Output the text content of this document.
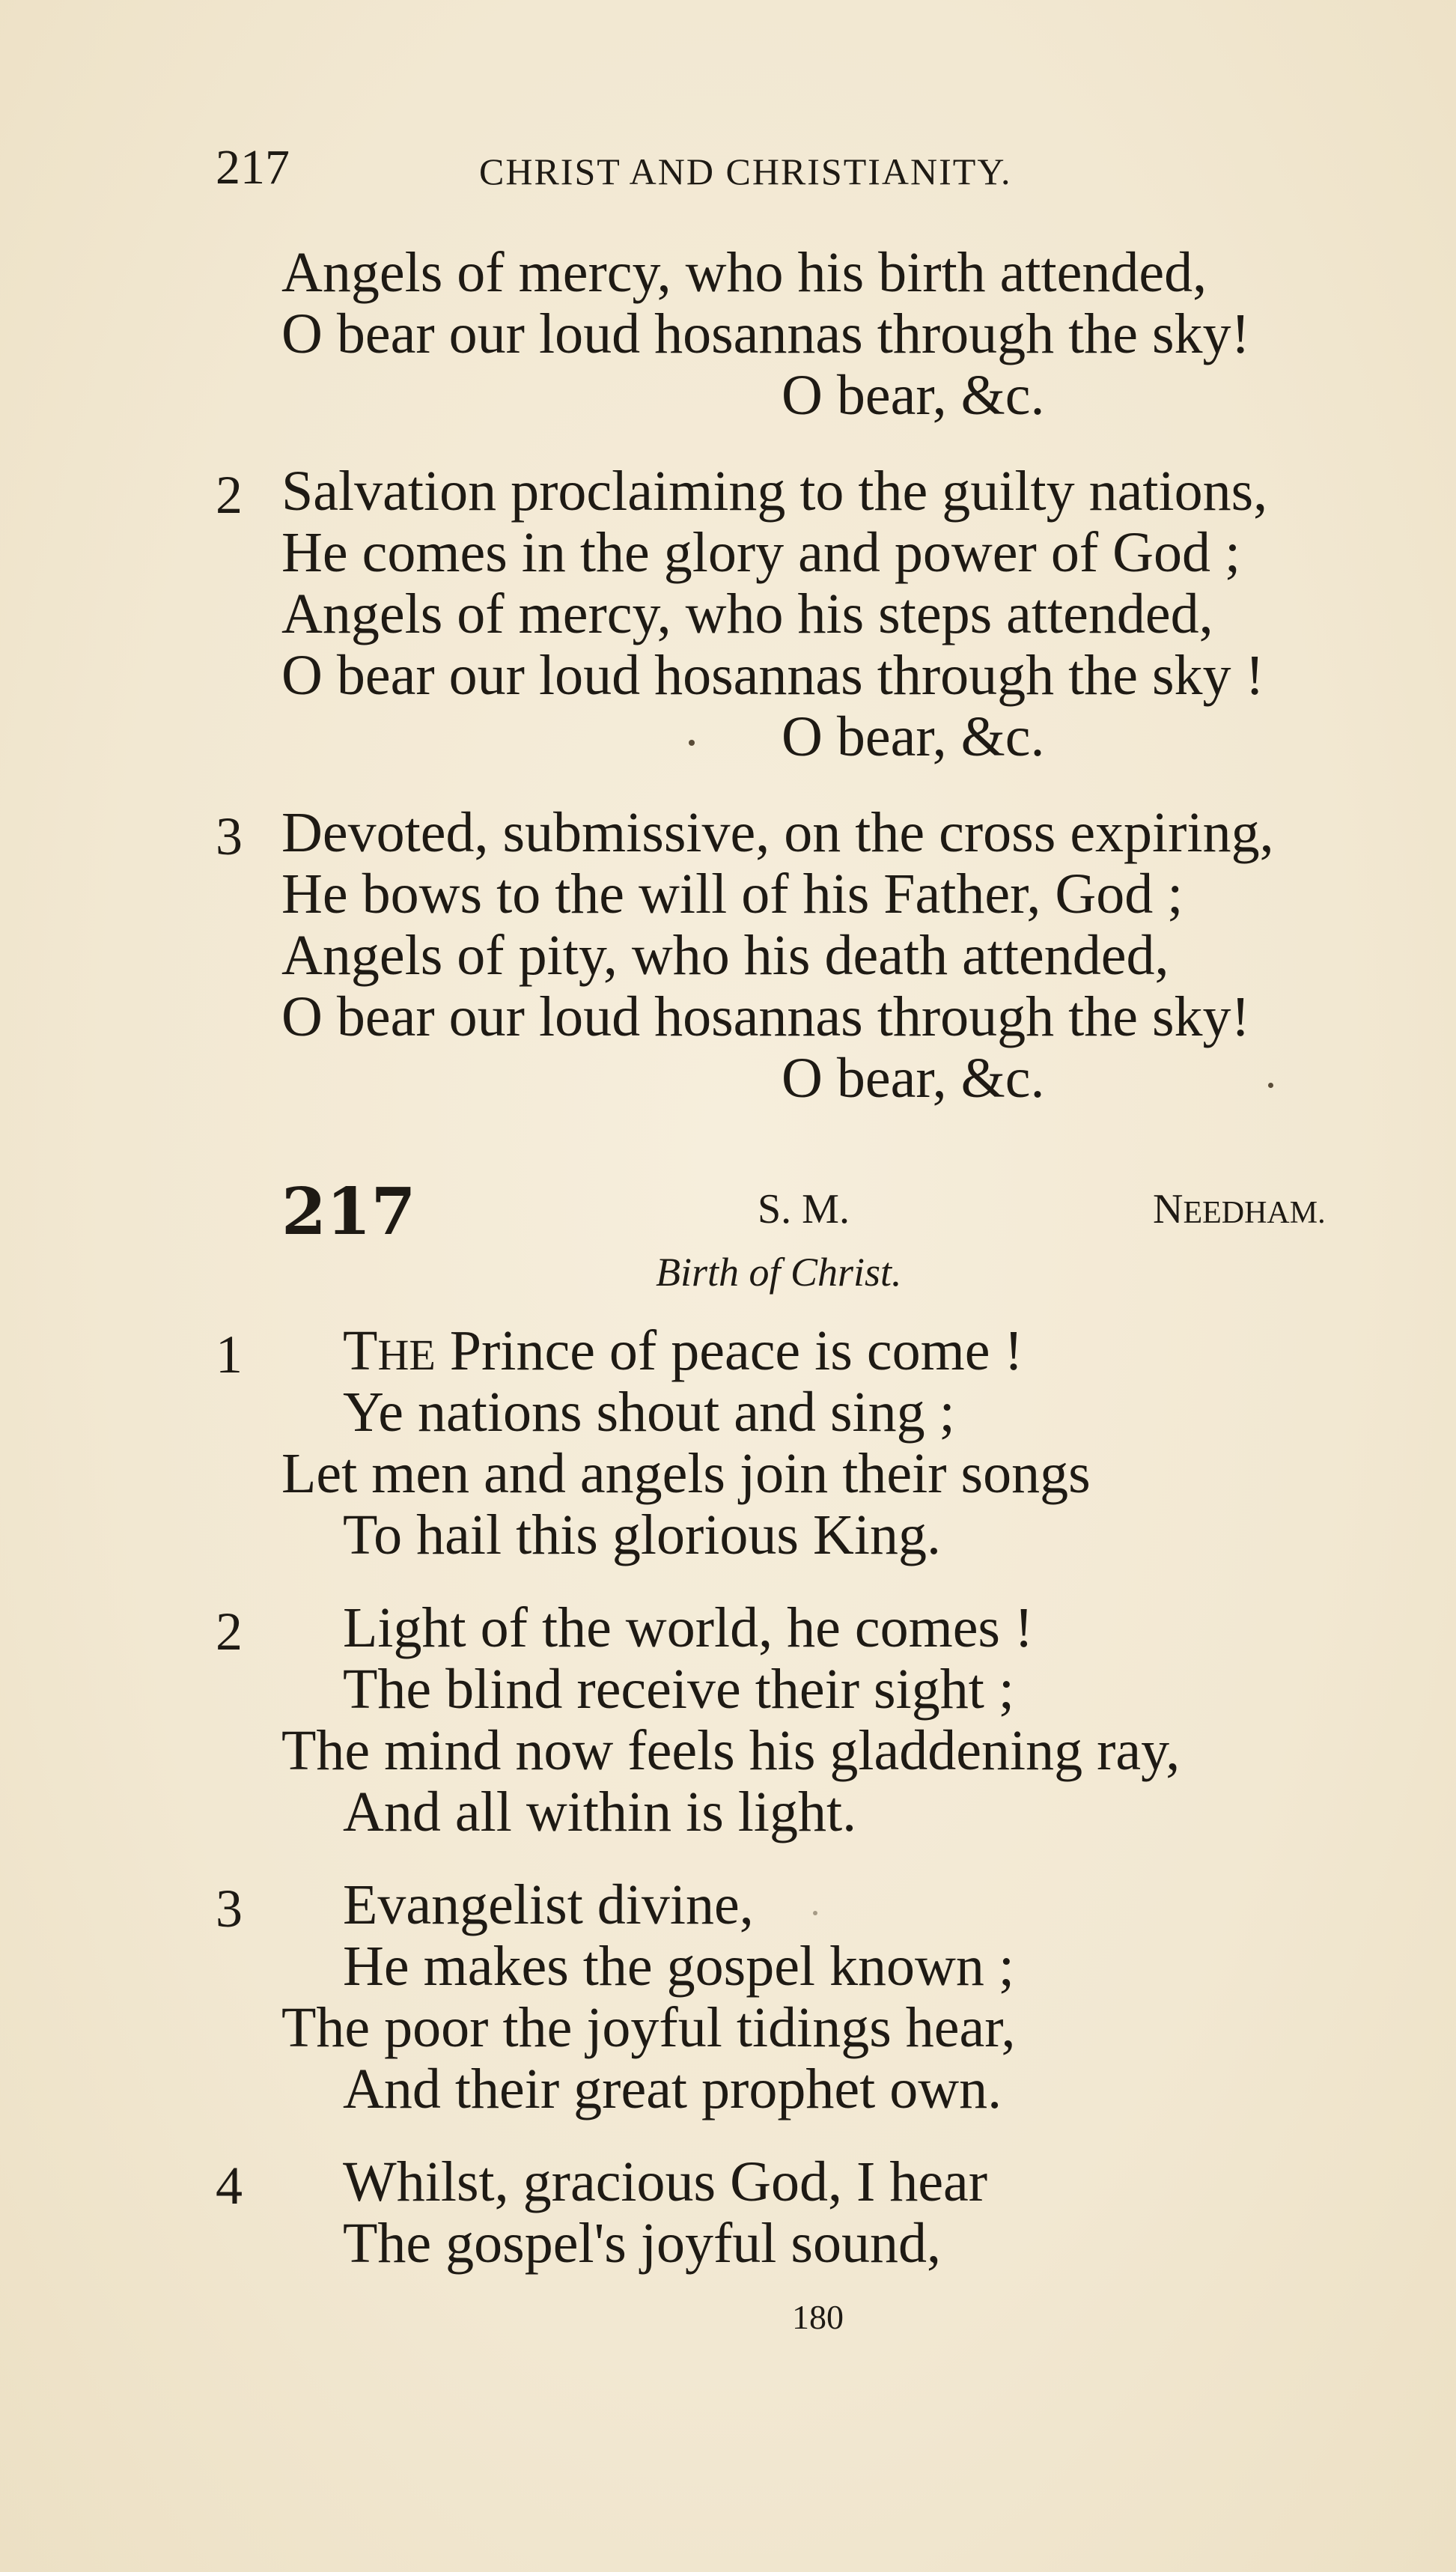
217	CHRIST AND CHRISTIANITY.
Angels of mercy, who his birth attended,
O bear our loud hosannas through the sky!
O bear, &c.
2 Salvation proclaiming to the guilty nations,
He comes in the glory and power of God ;
Angels of mercy, who his steps attended,
O bear our loud hosannas through the sky !
O bear, &c.
3 Devoted, submissive, on the cross expiring,
He bows to the will of his Father, God ;
Angels of pity, who his death attended,
O bear our loud hosannas through the sky!
O bear, &c.
217	S. M.	NEEDHAM.
Birth of Christ.
1 THE Prince of peace is come !
Ye nations shout and sing ;
Let men and angels join their songs
To hail this glorious King.
2 Light of the world, he comes !
The blind receive their sight ;
The mind now feels his gladdening ray,
And all within is light.
3 Evangelist divine,
He makes the gospel known ;
The poor the joyful tidings hear,
And their great prophet own.
4 Whilst, gracious God, I hear
The gospel's joyful sound,
180
